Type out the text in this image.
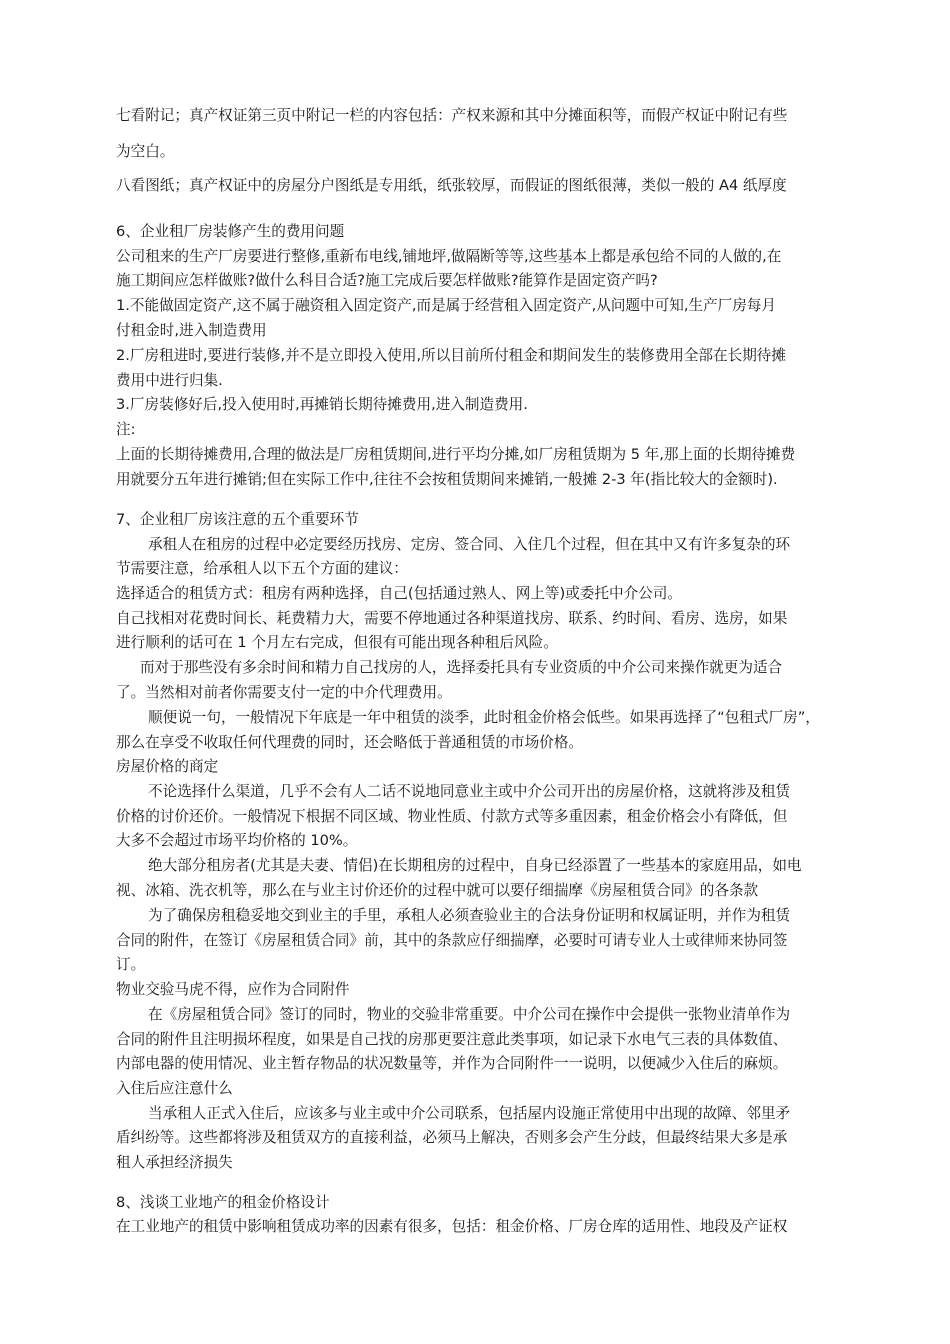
七看附记；真产权证第三页中附记一栏的内容包括：产权来源和其中分摊面积等，而假产权证中附记有些
为空白。
八看图纸；真产权证中的房屋分户图纸是专用纸，纸张较厚，而假证的图纸很薄，类似一般的 A4 纸厚度
6、企业租厂房装修产生的费用问题
公司租来的生产厂房要进行整修,重新布电线,铺地坪,做隔断等等,这些基本上都是承包给不同的人做的,在
施工期间应怎样做账?做什么科目合适?施工完成后要怎样做账?能算作是固定资产吗?
1.不能做固定资产,这不属于融资租入固定资产,而是属于经营租入固定资产,从问题中可知,生产厂房每月
付租金时,进入制造费用
2.厂房租进时,要进行装修,并不是立即投入使用,所以目前所付租金和期间发生的装修费用全部在长期待摊
费用中进行归集.
3.厂房装修好后,投入使用时,再摊销长期待摊费用,进入制造费用.
注:
上面的长期待摊费用,合理的做法是厂房租赁期间,进行平均分摊,如厂房租赁期为 5 年,那上面的长期待摊费
用就要分五年进行摊销;但在实际工作中,往往不会按租赁期间来摊销,一般摊 2-3 年(指比较大的金额时).
7、企业租厂房该注意的五个重要环节
承租人在租房的过程中必定要经历找房、定房、签合同、入住几个过程，但在其中又有许多复杂的环
节需要注意，给承租人以下五个方面的建议：
选择适合的租赁方式：租房有两种选择，自己(包括通过熟人、网上等)或委托中介公司。
自己找相对花费时间长、耗费精力大，需要不停地通过各种渠道找房、联系、约时间、看房、选房，如果
进行顺利的话可在 1 个月左右完成，但很有可能出现各种租后风险。
而对于那些没有多余时间和精力自己找房的人，选择委托具有专业资质的中介公司来操作就更为适合
了。当然相对前者你需要支付一定的中介代理费用。
顺便说一句，一般情况下年底是一年中租赁的淡季，此时租金价格会低些。如果再选择了“包租式厂房”，
那么在享受不收取任何代理费的同时，还会略低于普通租赁的市场价格。
房屋价格的商定
不论选择什么渠道，几乎不会有人二话不说地同意业主或中介公司开出的房屋价格，这就将涉及租赁
价格的讨价还价。一般情况下根据不同区域、物业性质、付款方式等多重因素，租金价格会小有降低，但
大多不会超过市场平均价格的 10%。
绝大部分租房者(尤其是夫妻、情侣)在长期租房的过程中，自身已经添置了一些基本的家庭用品，如电
视、冰箱、洗衣机等，那么在与业主讨价还价的过程中就可以要仔细揣摩《房屋租赁合同》的各条款
为了确保房租稳妥地交到业主的手里，承租人必须查验业主的合法身份证明和权属证明，并作为租赁
合同的附件，在签订《房屋租赁合同》前，其中的条款应仔细揣摩，必要时可请专业人士或律师来协同签
订。
物业交验马虎不得，应作为合同附件
在《房屋租赁合同》签订的同时，物业的交验非常重要。中介公司在操作中会提供一张物业清单作为
合同的附件且注明损坏程度，如果是自己找的房那更要注意此类事项，如记录下水电气三表的具体数值、
内部电器的使用情况、业主暂存物品的状况数量等，并作为合同附件一一说明，以便减少入住后的麻烦。
入住后应注意什么
当承租人正式入住后，应该多与业主或中介公司联系，包括屋内设施正常使用中出现的故障、邻里矛
盾纠纷等。这些都将涉及租赁双方的直接利益，必须马上解决，否则多会产生分歧，但最终结果大多是承
租人承担经济损失
8、浅谈工业地产的租金价格设计
在工业地产的租赁中影响租赁成功率的因素有很多，包括：租金价格、厂房仓库的适用性、地段及产证权
